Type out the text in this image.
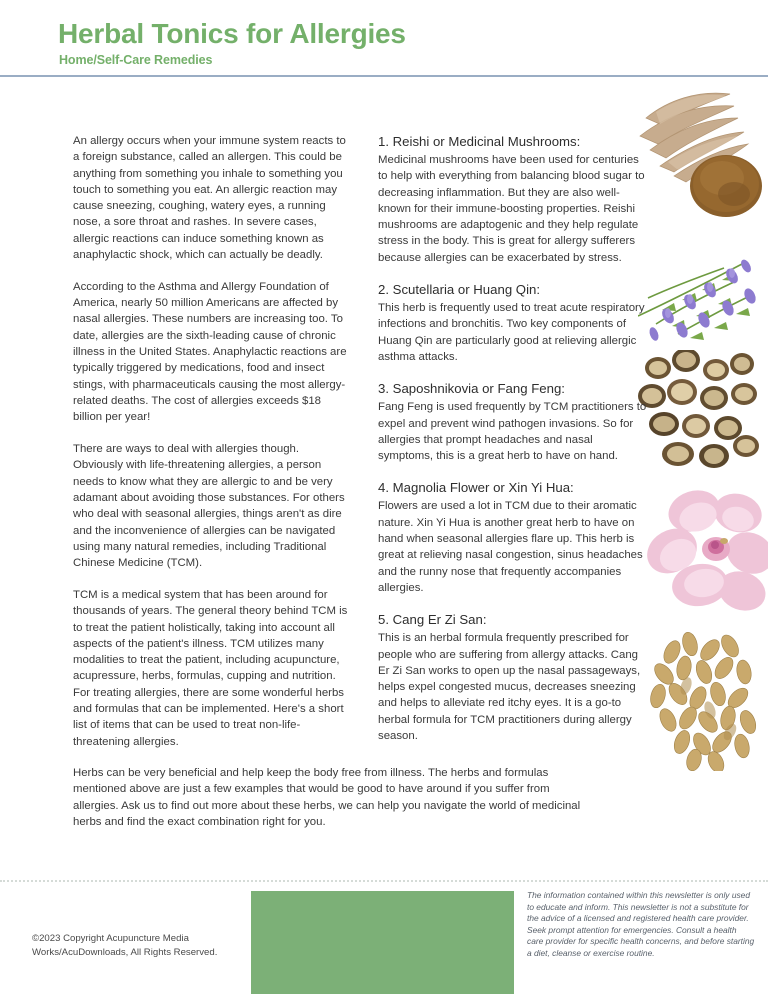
Herbal Tonics for Allergies
Home/Self-Care Remedies

An allergy occurs when your immune system reacts to a foreign substance, called an allergen. This could be anything from something you inhale to something you touch to something you eat. An allergic reaction may cause sneezing, coughing, watery eyes, a running nose, a sore throat and rashes. In severe cases, allergic reactions can induce something known as anaphylactic shock, which can actually be deadly.

According to the Asthma and Allergy Foundation of America, nearly 50 million Americans are affected by nasal allergies. These numbers are increasing too. To date, allergies are the sixth-leading cause of chronic illness in the United States. Anaphylactic reactions are typically triggered by medications, food and insect stings, with pharmaceuticals causing the most allergy-related deaths. The cost of allergies exceeds $18 billion per year!

There are ways to deal with allergies though. Obviously with life-threatening allergies, a person needs to know what they are allergic to and be very adamant about avoiding those substances. For others who deal with seasonal allergies, things aren't as dire and the inconvenience of allergies can be navigated using many natural remedies, including Traditional Chinese Medicine (TCM).

TCM is a medical system that has been around for thousands of years. The general theory behind TCM is to treat the patient holistically, taking into account all aspects of the patient's illness. TCM utilizes many modalities to treat the patient, including acupuncture, acupressure, herbs, formulas, cupping and nutrition. For treating allergies, there are some wonderful herbs and formulas that can be implemented. Here's a short list of items that can be used to treat non-life-threatening allergies.

1. Reishi or Medicinal Mushrooms:

Medicinal mushrooms have been used for centuries to help with everything from balancing blood sugar to decreasing inflammation. But they are also well-known for their immune-boosting properties. Reishi mushrooms are adaptogenic and they help regulate stress in the body. This is great for allergy sufferers because allergies can be exacerbated by stress.

2. Scutellaria or Huang Qin:

This herb is frequently used to treat acute respiratory infections and bronchitis. Two key components of Huang Qin are particularly good at relieving allergic asthma attacks.

3. Saposhnikovia or Fang Feng:

Fang Feng is used frequently by TCM practitioners to expel and prevent wind pathogen invasions. So for allergies that prompt headaches and nasal symptoms, this is a great herb to have on hand.

4. Magnolia Flower or Xin Yi Hua:

Flowers are used a lot in TCM due to their aromatic nature. Xin Yi Hua is another great herb to have on hand when seasonal allergies flare up. This herb is great at relieving nasal congestion, sinus headaches and the runny nose that frequently accompanies allergies.

5. Cang Er Zi San:

This is an herbal formula frequently prescribed for people who are suffering from allergy attacks. Cang Er Zi San works to open up the nasal passageways, helps expel congested mucus, decreases sneezing and helps to alleviate red itchy eyes. It is a go-to herbal formula for TCM practitioners during allergy season.

Herbs can be very beneficial and help keep the body free from illness. The herbs and formulas mentioned above are just a few examples that would be good to have around if you suffer from allergies. Ask us to find out more about these herbs, we can help you navigate the world of medicinal herbs and find the exact combination right for you.
©2023 Copyright Acupuncture Media Works/AcuDownloads, All Rights Reserved.
The information contained within this newsletter is only used to educate and inform. This newsletter is not a substitute for the advice of a licensed and registered health care provider. Seek prompt attention for emergencies. Consult a health care provider for specific health concerns, and before starting a diet, cleanse or exercise routine.
